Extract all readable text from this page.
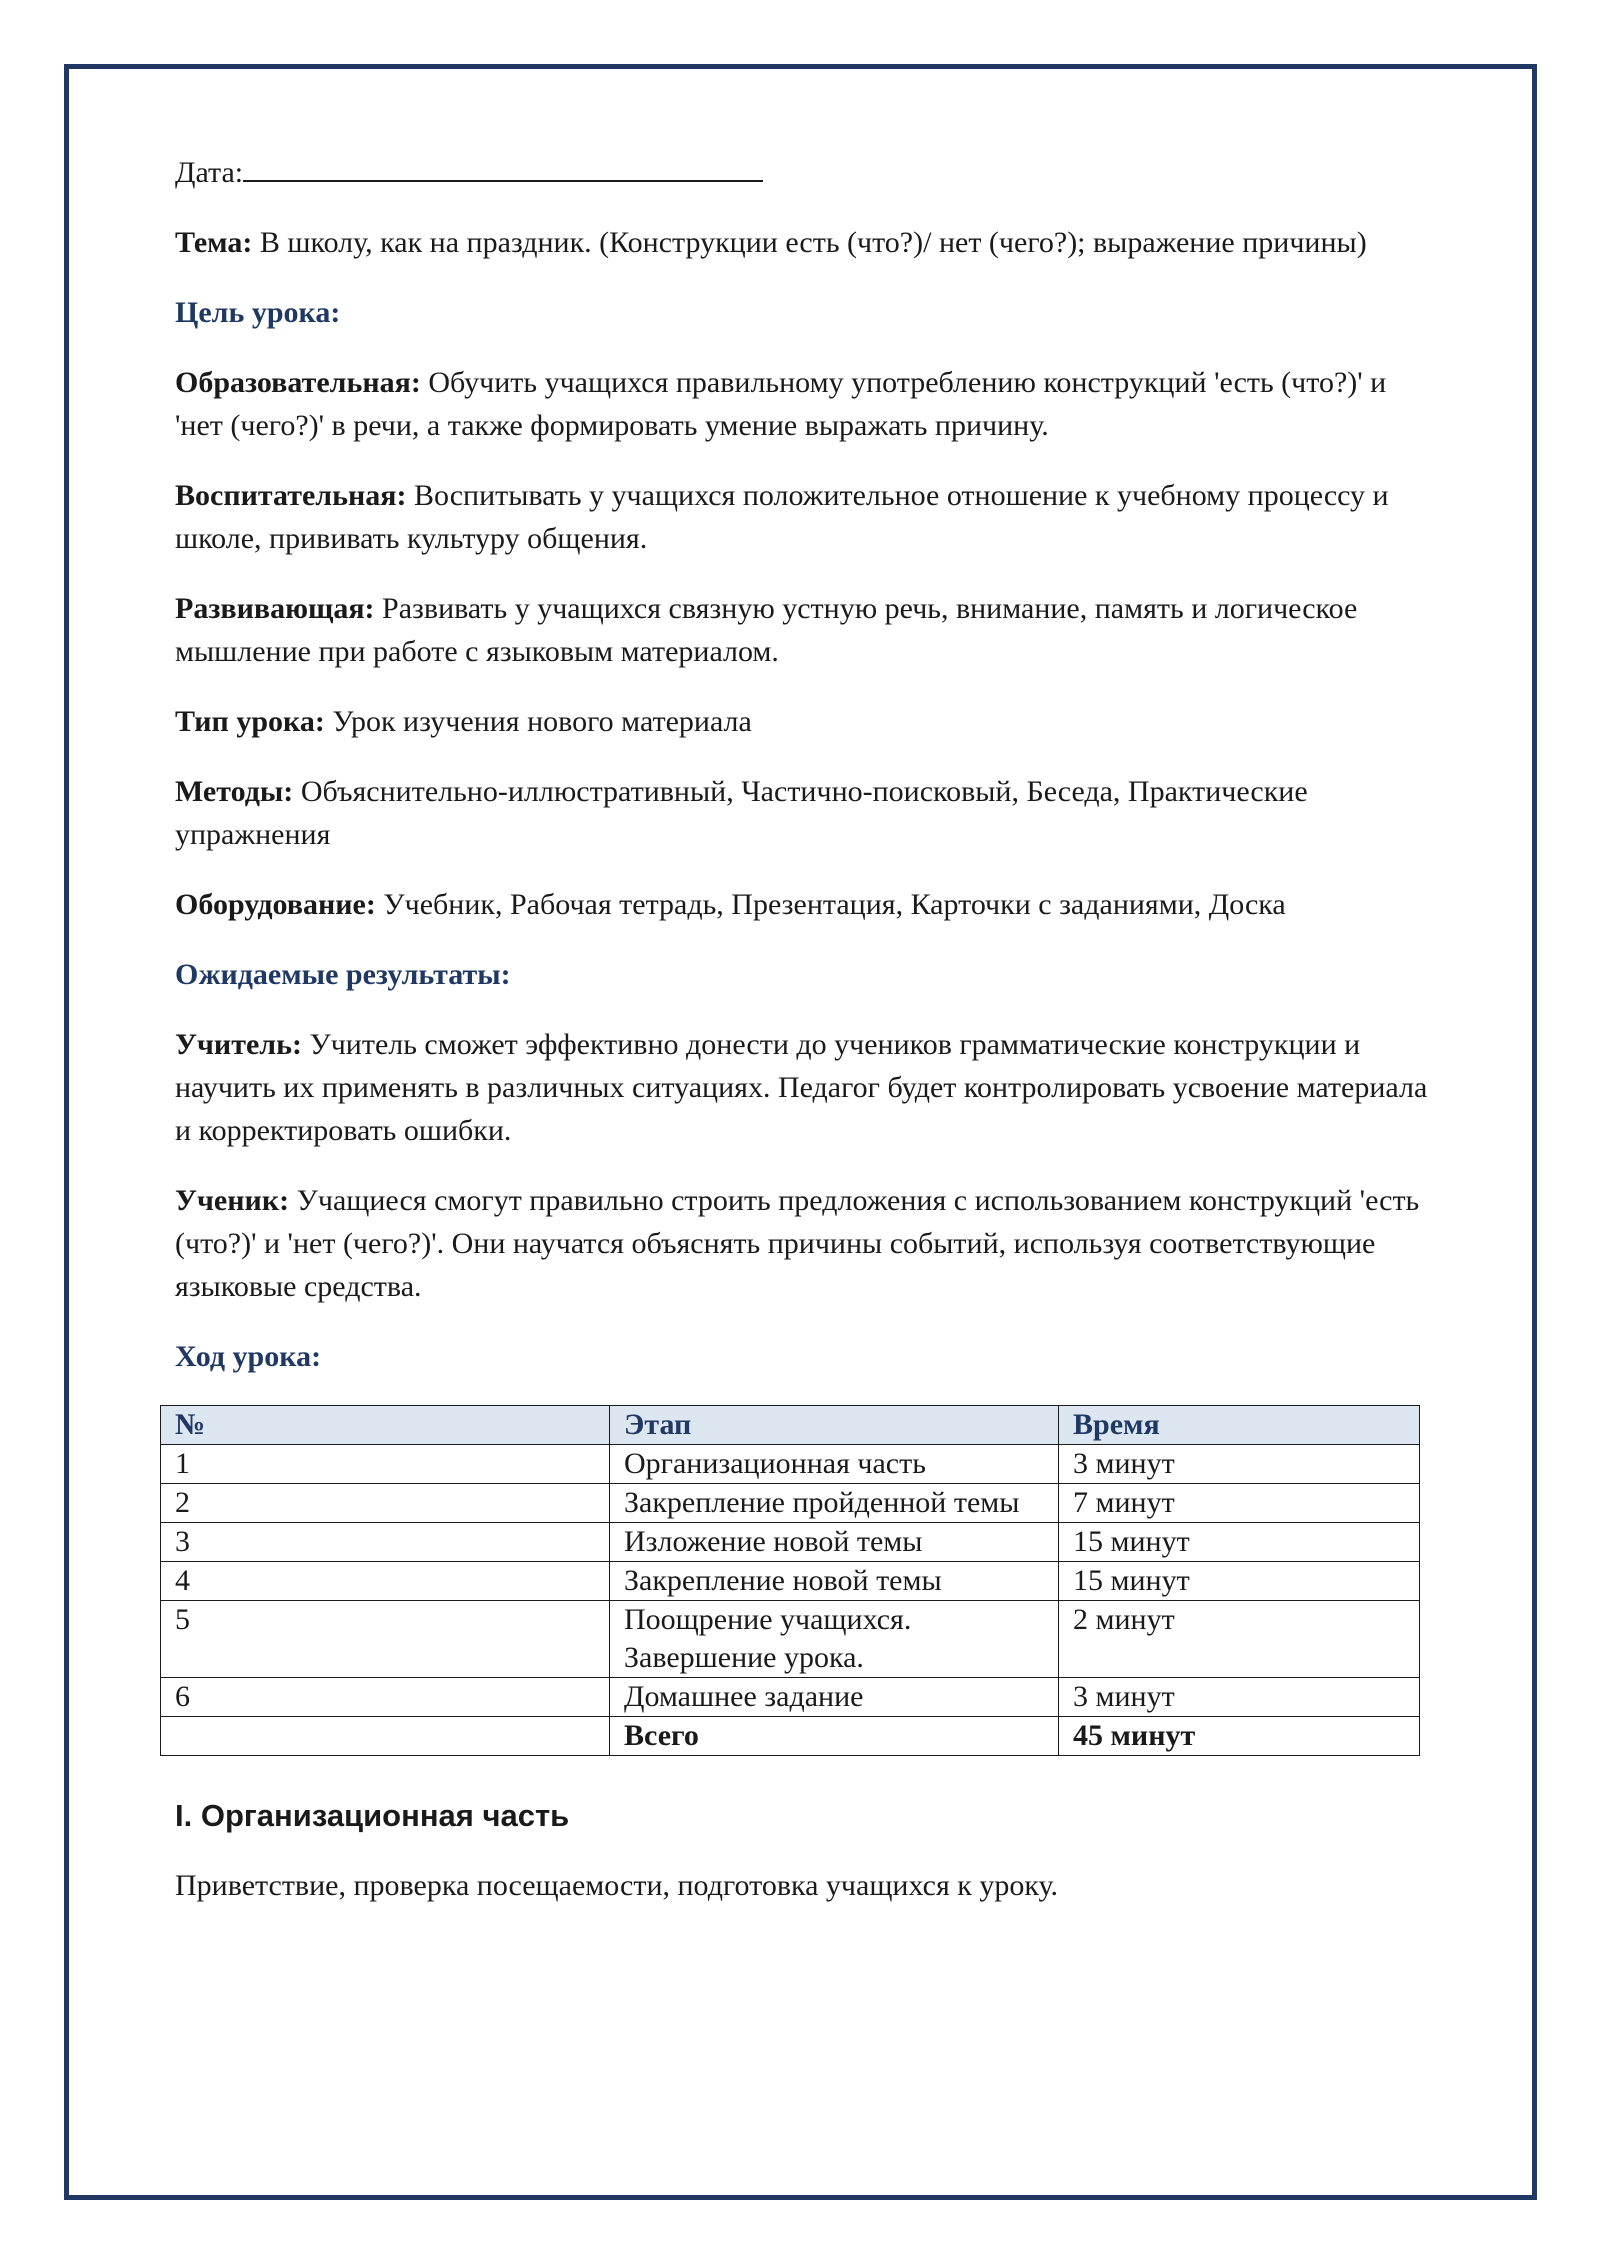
Дата:

Тема: В школу, как на праздник. (Конструкции есть (что?)/ нет (чего?); выражение причины)

Цель урока:

Образовательная: Обучить учащихся правильному употреблению конструкций 'есть (что?)' и 'нет (чего?)' в речи, а также формировать умение выражать причину.

Воспитательная: Воспитывать у учащихся положительное отношение к учебному процессу и школе, прививать культуру общения.

Развивающая: Развивать у учащихся связную устную речь, внимание, память и логическое мышление при работе с языковым материалом.

Тип урока: Урок изучения нового материала

Методы: Объяснительно-иллюстративный, Частично-поисковый, Беседа, Практические упражнения

Оборудование: Учебник, Рабочая тетрадь, Презентация, Карточки с заданиями, Доска

Ожидаемые результаты:

Учитель: Учитель сможет эффективно донести до учеников грамматические конструкции и научить их применять в различных ситуациях. Педагог будет контролировать усвоение материала и корректировать ошибки.

Ученик: Учащиеся смогут правильно строить предложения с использованием конструкций 'есть (что?)' и 'нет (чего?)'. Они научатся объяснять причины событий, используя соответствующие языковые средства.

Ход урока:

№	Этап	Время
1	Организационная часть	3 минут
2	Закрепление пройденной темы	7 минут
3	Изложение новой темы	15 минут
4	Закрепление новой темы	15 минут
5	Поощрение учащихся. Завершение урока.	2 минут
6	Домашнее задание	3 минут
	Всего	45 минут

I. Организационная часть

Приветствие, проверка посещаемости, подготовка учащихся к уроку.
